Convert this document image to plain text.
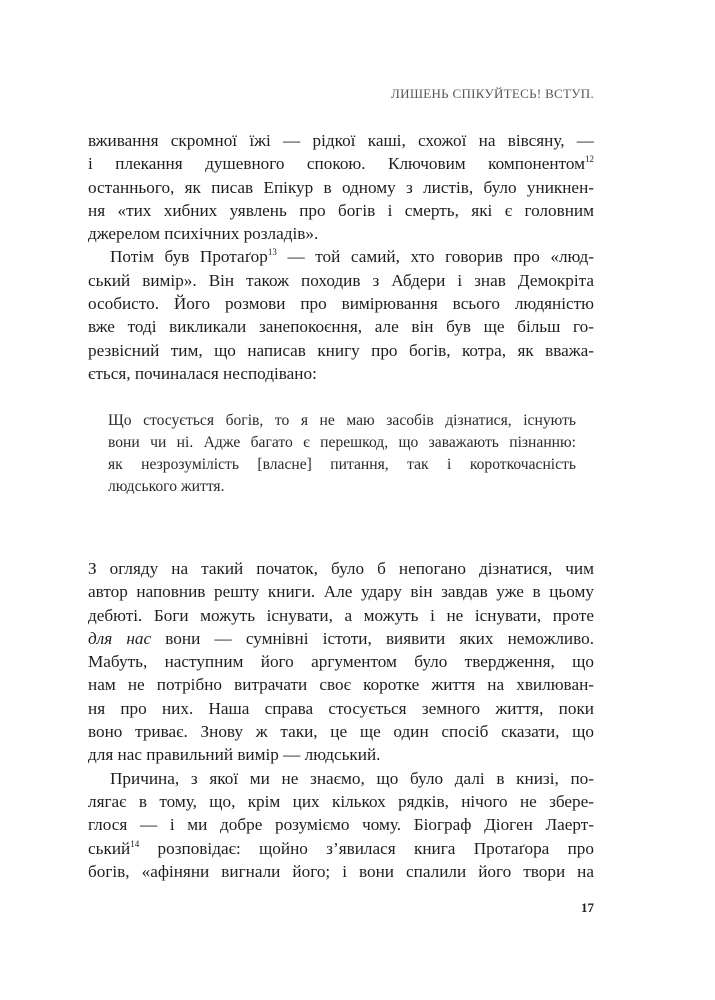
ЛИШЕНЬ СПІКУЙТЕСЬ! ВСТУП.
вживання скромної їжі — рідкої каші, схожої на вівсяну, —
і плекання душевного спокою. Ключовим компонентом$^{12}$
останнього, як писав Епікур в одному з листів, було уникнен-
ня «тих хибних уявлень про богів і смерть, які є головним
джерелом психічних розладів».
Потім був Протаґор$^{13}$ — той самий, хто говорив про «люд-
ський вимір». Він також походив з Абдери і знав Демокріта
особисто. Його розмови про вимірювання всього людяністю
вже тоді викликали занепокоєння, але він був ще більш го-
резвісний тим, що написав книгу про богів, котра, як вважа-
ється, починалася несподівано:
Що стосується богів, то я не маю засобів дізнатися, існують
вони чи ні. Адже багато є перешкод, що заважають пізнанню:
як незрозумілість [власне] питання, так і короткочасність
людського життя.
З огляду на такий початок, було б непогано дізнатися, чим
автор наповнив решту книги. Але удару він завдав уже в цьому
дебюті. Боги можуть існувати, а можуть і не існувати, проте
для нас вони — сумнівні істоти, виявити яких неможливо.
Мабуть, наступним його аргументом було твердження, що
нам не потрібно витрачати своє коротке життя на хвилюван-
ня про них. Наша справа стосується земного життя, поки
воно триває. Знову ж таки, це ще один спосіб сказати, що
для нас правильний вимір — людський.
Причина, з якої ми не знаємо, що було далі в книзі, по-
лягає в тому, що, крім цих кількох рядків, нічого не збере-
глося — і ми добре розуміємо чому. Біограф Діоген Лаерт-
ський$^{14}$ розповідає: щойно з’явилася книга Протаґора про
богів, «афіняни вигнали його; і вони спалили його твори на
17
